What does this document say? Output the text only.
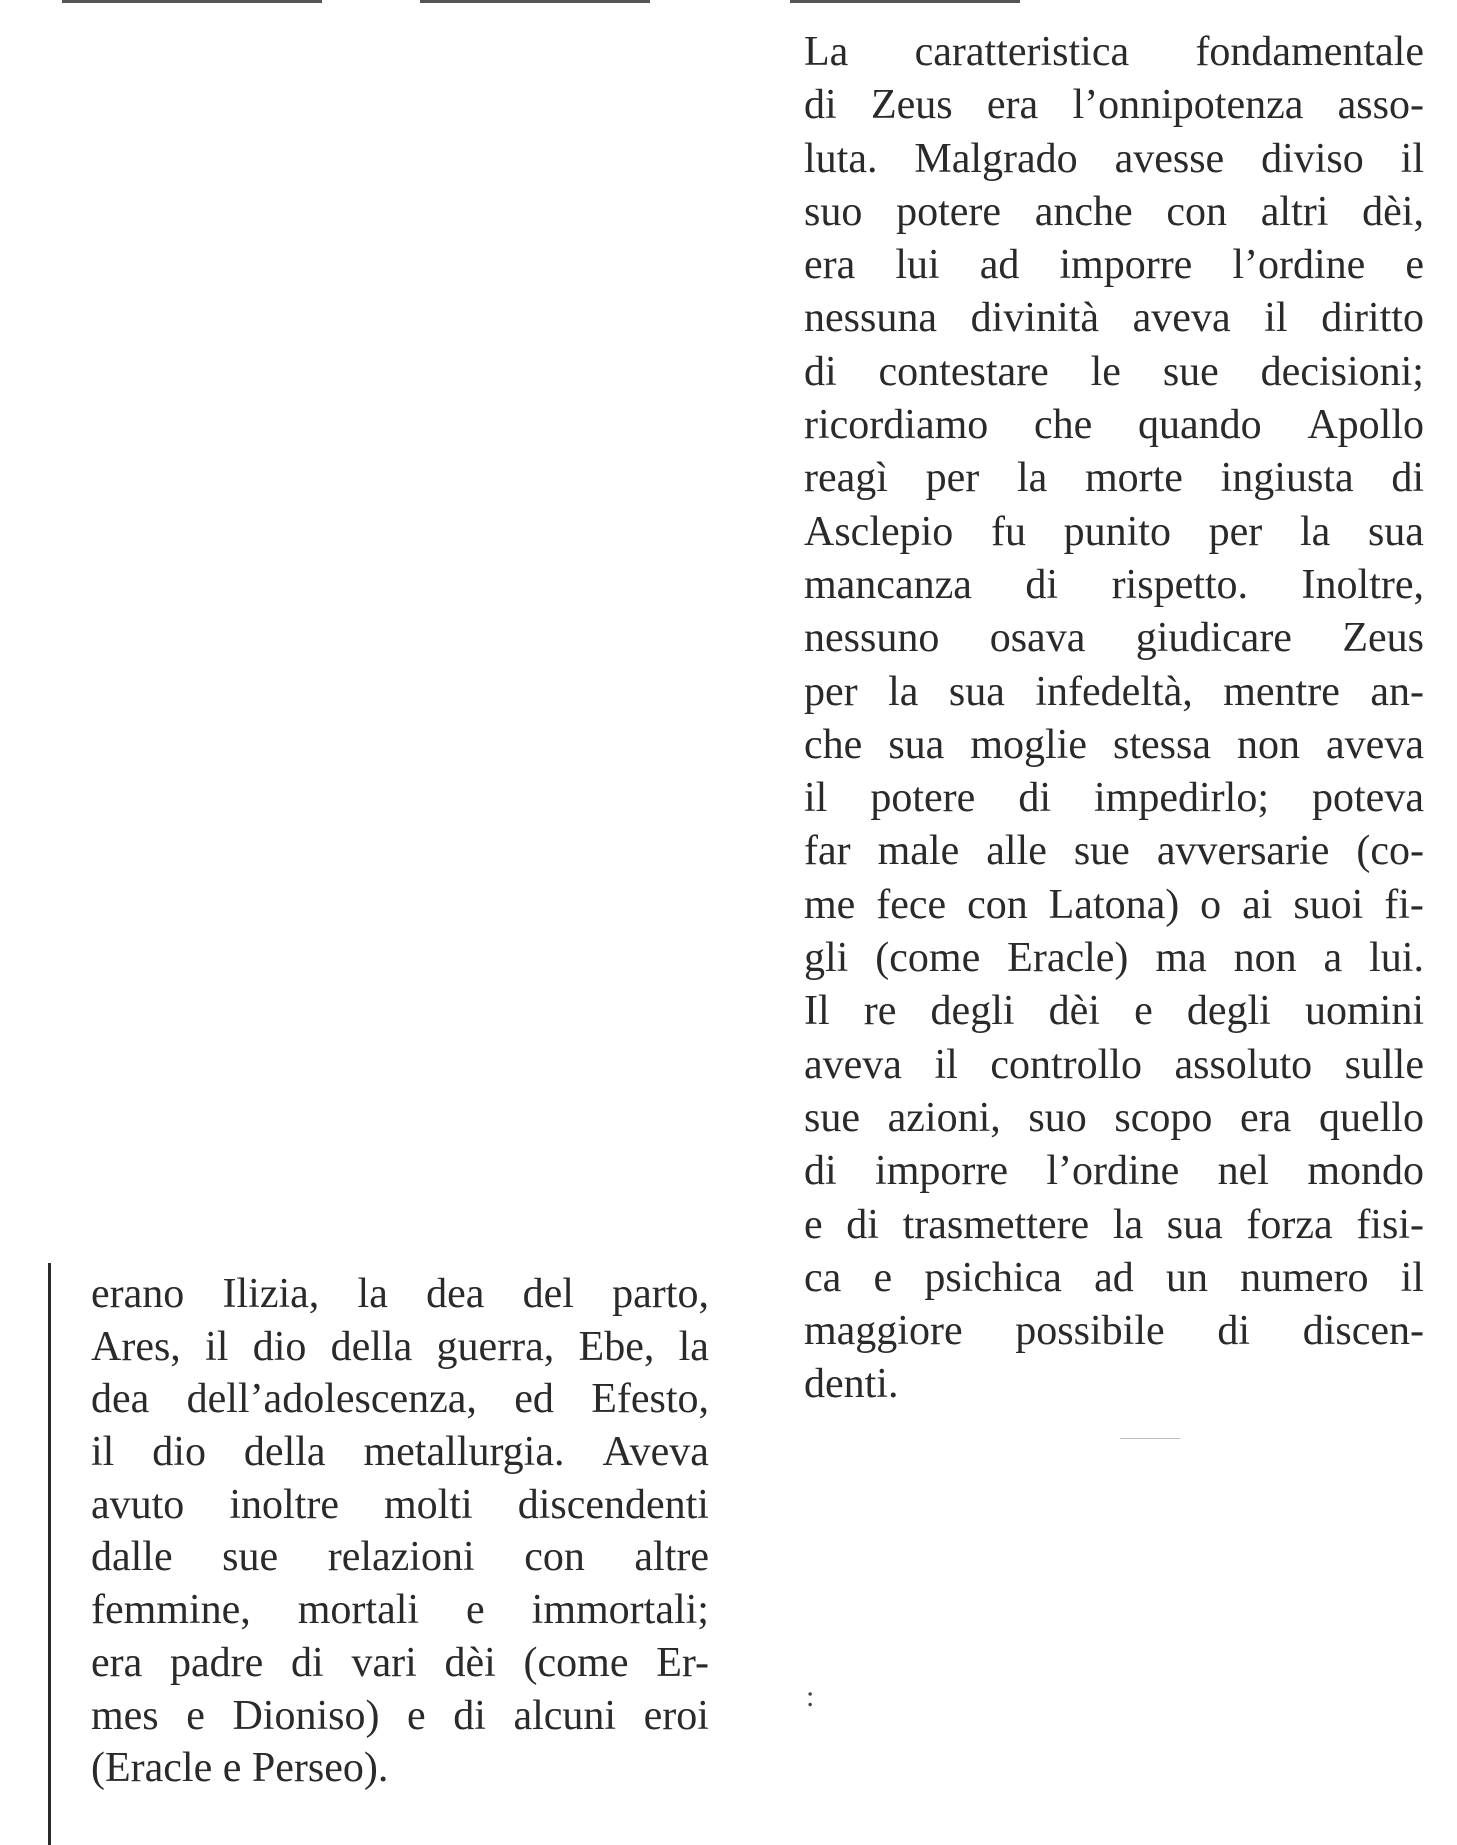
La caratteristica fondamentale
di Zeus era l’onnipotenza asso-
luta. Malgrado avesse diviso il
suo potere anche con altri dèi,
era lui ad imporre l’ordine e
nessuna divinità aveva il diritto
di contestare le sue decisioni;
ricordiamo che quando Apollo
reagì per la morte ingiusta di
Asclepio fu punito per la sua
mancanza di rispetto. Inoltre,
nessuno osava giudicare Zeus
per la sua infedeltà, mentre an-
che sua moglie stessa non aveva
il potere di impedirlo; poteva
far male alle sue avversarie (co-
me fece con Latona) o ai suoi fi-
gli (come Eracle) ma non a lui.
Il re degli dèi e degli uomini
aveva il controllo assoluto sulle
sue azioni, suo scopo era quello
di imporre l’ordine nel mondo
e di trasmettere la sua forza fisi-
ca e psichica ad un numero il
maggiore possibile di discen-
denti.
erano Ilizia, la dea del parto,
Ares, il dio della guerra, Ebe, la
dea dell’adolescenza, ed Efesto,
il dio della metallurgia. Aveva
avuto inoltre molti discendenti
dalle sue relazioni con altre
femmine, mortali e immortali;
era padre di vari dèi (come Er-
mes e Dioniso) e di alcuni eroi
(Eracle e Perseo).
:
